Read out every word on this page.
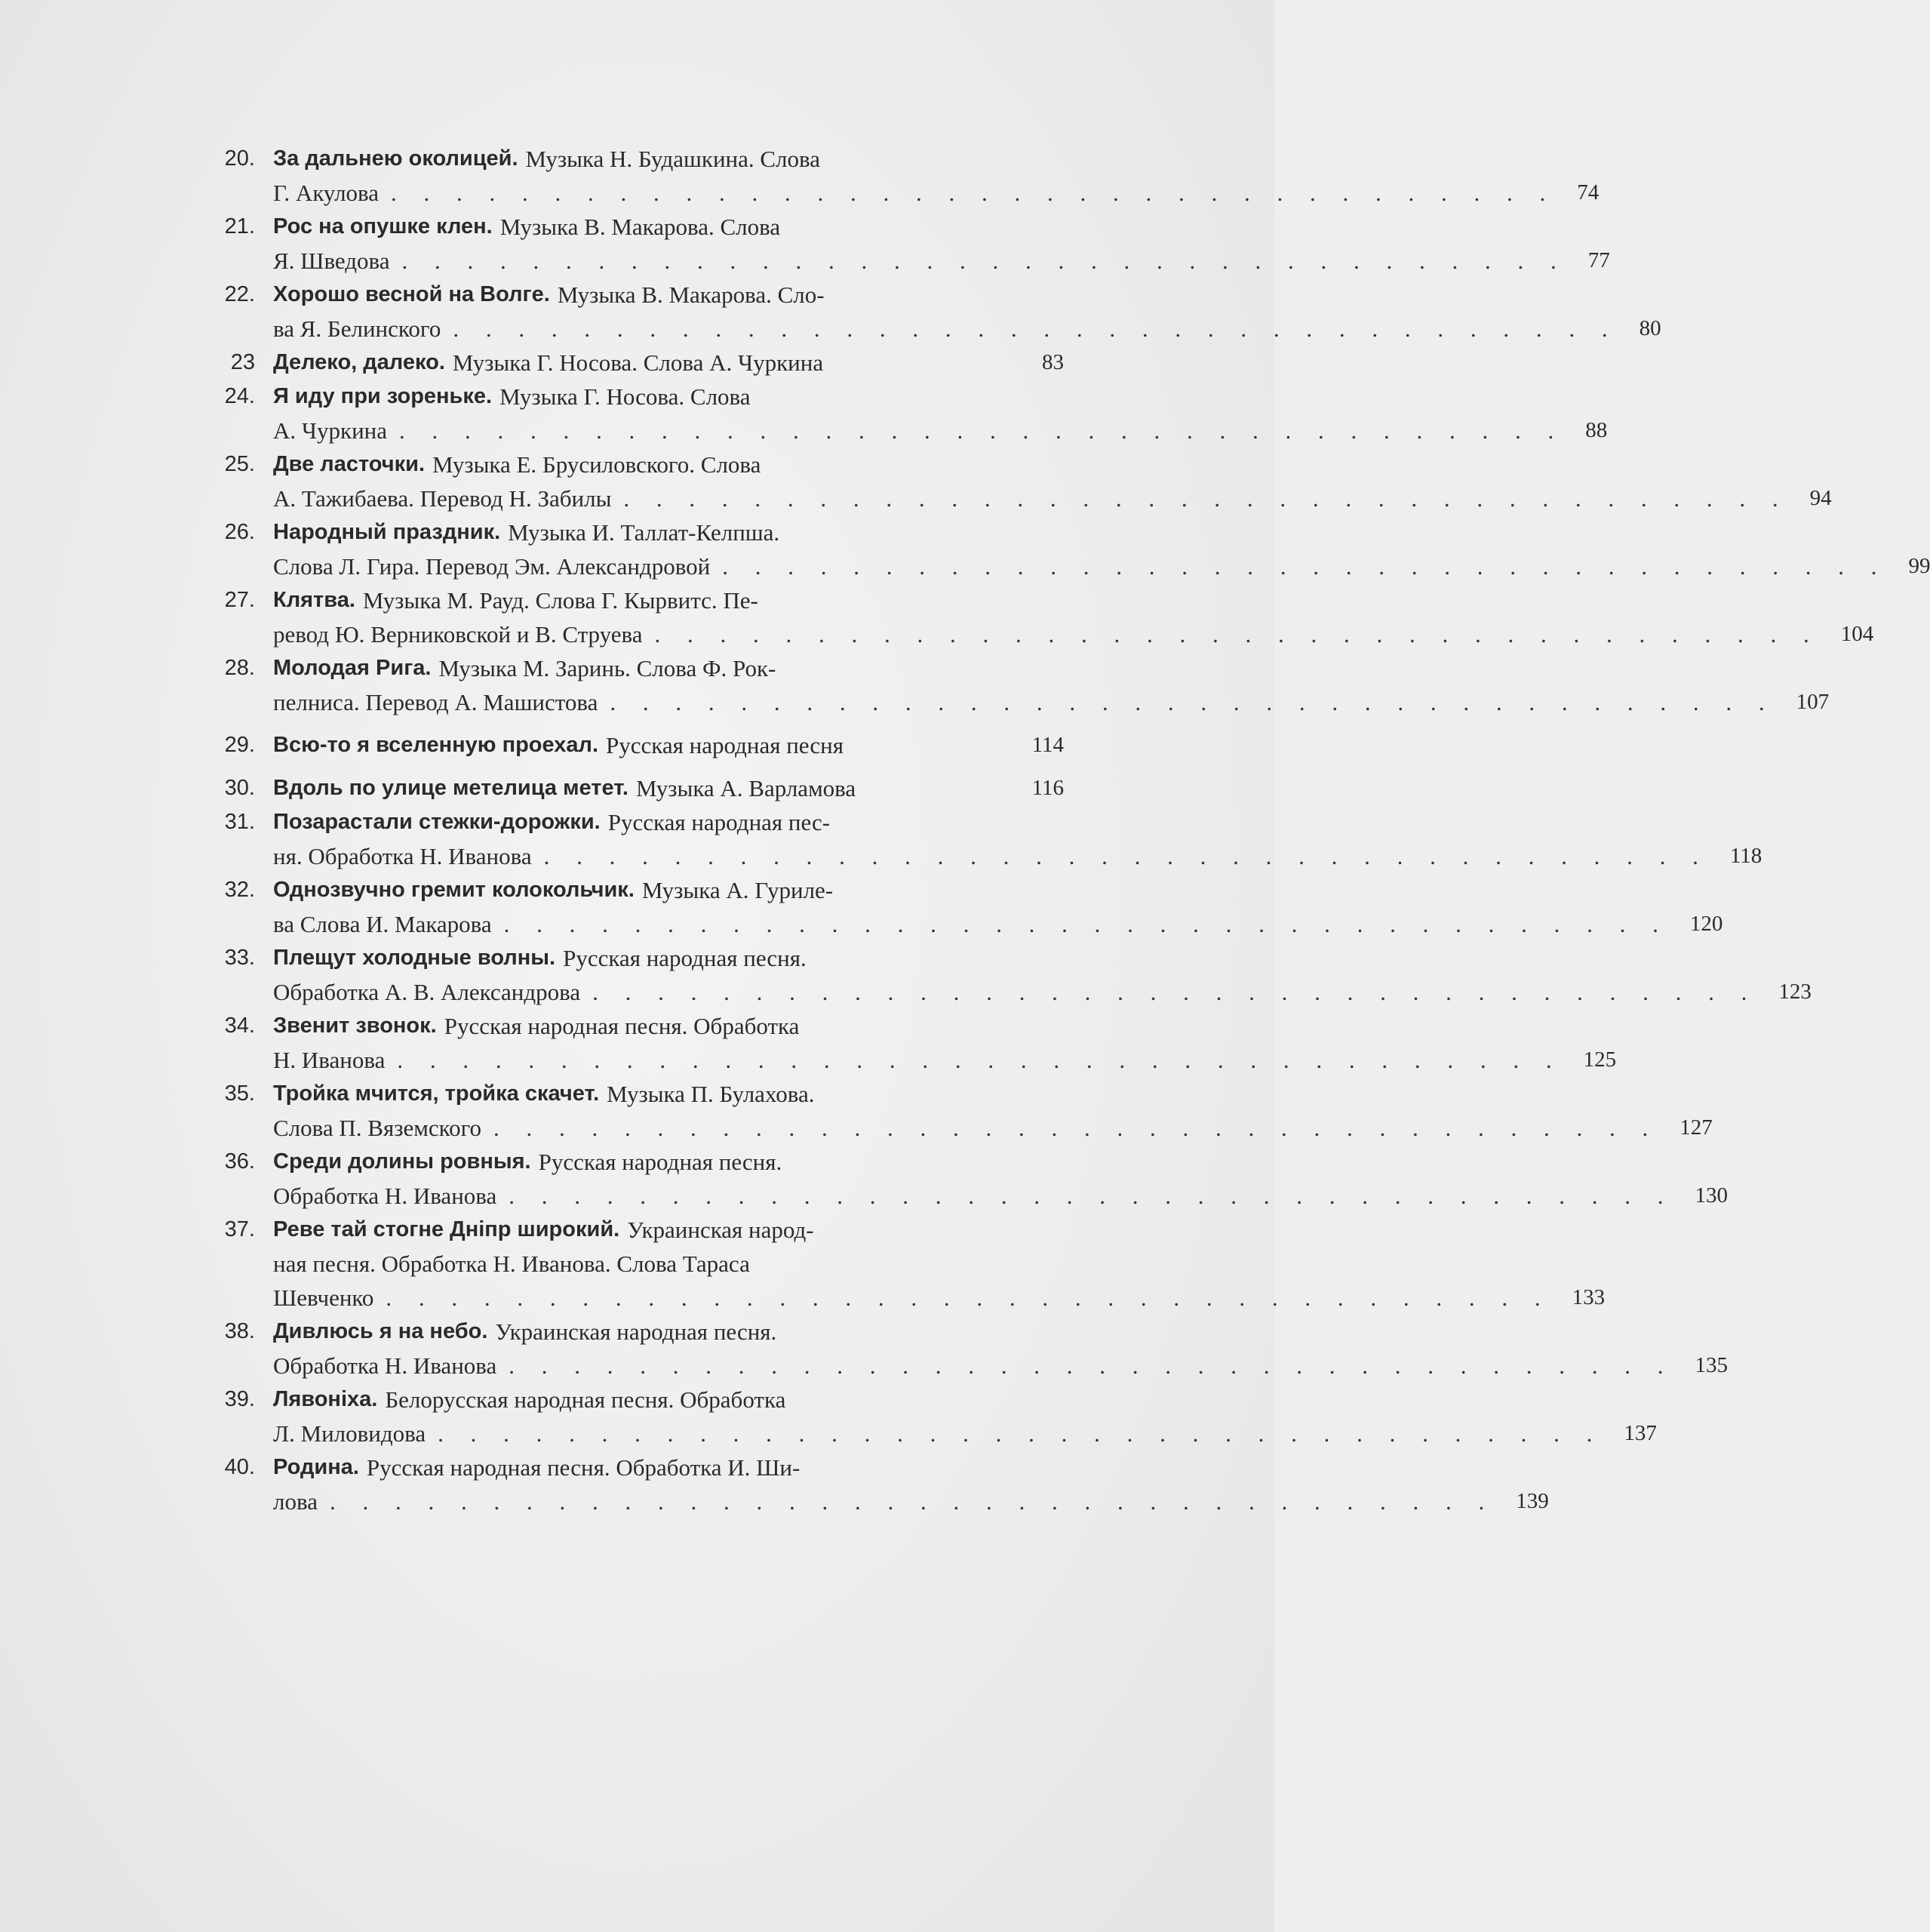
20. За дальнею околицей. Музыка Н. Будашкина. Слова
Г. Акулова . . . . . . . . . . . . . . . . . . . . . . . . . . . . . . . . . . . . 74
21. Рос на опушке клен. Музыка В. Макарова. Слова
Я. Шведова . . . . . . . . . . . . . . . . . . . . . . . . . . . . . . . . . . . . 77
22. Хорошо весной на Волге. Музыка В. Макарова. Сло-
ва Я. Белинского . . . . . . . . . . . . . . . . . . . . . . . . . . . . . . . . . . . . 80
23 Делеко, далеко. Музыка Г. Носова. Слова А. Чуркина	83
24. Я иду при зореньке. Музыка Г. Носова. Слова
А. Чуркина . . . . . . . . . . . . . . . . . . . . . . . . . . . . . . . . . . . . 88
25. Две ласточки. Музыка Е. Брусиловского. Слова
А. Тажибаева. Перевод Н. Забилы . . . . . . . . . . . . . . . . . . . . . . . . . . . . . . . . . . . . 94
26. Народный праздник. Музыка И. Таллат-Келпша.
Слова Л. Гира. Перевод Эм. Александровой . . . . . . . . . . . . . . . . . . . . . . . . . . . . . . . . . . . . 99
27. Клятва. Музыка М. Рауд. Слова Г. Кырвитс. Пе-
ревод Ю. Верниковской и В. Струева . . . . . . . . . . . . . . . . . . . . . . . . . . . . . . . . . . . . 104
28. Молодая Рига. Музыка М. Заринь. Слова Ф. Рок-
пелниса. Перевод А. Машистова . . . . . . . . . . . . . . . . . . . . . . . . . . . . . . . . . . . . 107
29. Всю-то я вселенную проехал. Русская народная песня	114
30. Вдоль по улице метелица метет. Музыка А. Варламова	116
31. Позарастали стежки-дорожки. Русская народная пес-
ня. Обработка Н. Иванова . . . . . . . . . . . . . . . . . . . . . . . . . . . . . . . . . . . . 118
32. Однозвучно гремит колокольчик. Музыка А. Гуриле-
ва Слова И. Макарова . . . . . . . . . . . . . . . . . . . . . . . . . . . . . . . . . . . . 120
33. Плещут холодные волны. Русская народная песня.
Обработка А. В. Александрова . . . . . . . . . . . . . . . . . . . . . . . . . . . . . . . . . . . . 123
34. Звенит звонок. Русская народная песня. Обработка
Н. Иванова . . . . . . . . . . . . . . . . . . . . . . . . . . . . . . . . . . . . 125
35. Тройка мчится, тройка скачет. Музыка П. Булахова.
Слова П. Вяземского . . . . . . . . . . . . . . . . . . . . . . . . . . . . . . . . . . . . 127
36. Среди долины ровныя. Русская народная песня.
Обработка Н. Иванова . . . . . . . . . . . . . . . . . . . . . . . . . . . . . . . . . . . . 130
37. Реве тай стогне Днiпр широкий. Украинская народ-
ная песня. Обработка Н. Иванова. Слова Тараса
Шевченко . . . . . . . . . . . . . . . . . . . . . . . . . . . . . . . . . . . . 133
38. Дивлюсь я на небо. Украинская народная песня.
Обработка Н. Иванова . . . . . . . . . . . . . . . . . . . . . . . . . . . . . . . . . . . . 135
39. Лявонiха. Белорусская народная песня. Обработка
Л. Миловидова . . . . . . . . . . . . . . . . . . . . . . . . . . . . . . . . . . . . 137
40. Родина. Русская народная песня. Обработка И. Ши-
лова . . . . . . . . . . . . . . . . . . . . . . . . . . . . . . . . . . . . 139
